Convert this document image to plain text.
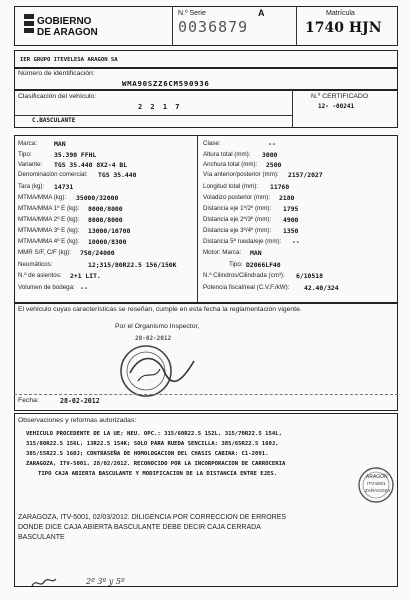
GOBIERNO
DE ARAGON
N.º Serie	A
0036879
Matrícula
1740 HJN
IER GRUPO ITEVELESA ARAGON SA
Número de identificación:
WMA90SZZ6CM590936
Clasificación del vehículo:
2 2 1 7
C.BASCULANTE
N.º CERTIFICADO
12- -00241
Marca:	MAN
Tipo:	35.390 FFHL
Variante: TGS 35.440 8X2-4 BL
Denominación comercial: TGS 35.440
Tara (kg): 14731
MTMA/MMA (kg): 35000/32000
MTMA/MMA 1º E (kg): 8000/8000
MTMA/MMA 2º E (kg): 8000/8000
MTMA/MMA 3º E (kg): 13000/10700
MTMA/MMA 4º E (kg): 10000/8300
MMR S/F, C/F (kg): 750/24000
Neumáticos:	12;315/80R22.5 156/150K
N.º de asientos: 2+1 LIT.
Volumen de bodega: --
Clase:	--
Altura total (mm): 3000
Anchura total (mm): 2500
Vía anterior/posterior (mm): 2157/2027
Longitud total (mm): 11760
Voladizo posterior (mm): 2180
Distancia eje 1º/2º (mm): 1795
Distancia eje 2º/3º (mm): 4900
Distancia eje 3º/4º (mm): 1350
Distancia 5ª rueda/eje (mm): --
Motor: Marca: MAN
Tipo: D2066LF40
N.º Cilindros/Cilindrada (cm³): 6/10518
Potencia fiscal/real (C.V.F./kW): 42.40/324
El vehículo cuyas características se reseñan, cumple en esta fecha la reglamentación vigente.
Por el Organismo Inspector,
28-02-2012
Fecha:	28-02-2012
Observaciones y reformas autorizadas:
VEHICULO PROCEDENTE DE LA UE; NEU. OPC.: 315/60R22.5 152L, 315/70R22.5 154L,
315/80R22.5 156L, 13R22.5 154K; SOLO PARA RUEDA SENCILLA: 385/65R22.5 160J,
385/55R22.5 160J; CONTRASEÑA DE HOMOLOGACION DEL CHASIS CABINA: C1-2091.
ZARAGOZA, ITV-5001, 28/02/2012. RECONOCIDO POR LA INCORPORACION DE CARROCERIA
TIPO CAJA ABIERTA BASCULANTE Y MODIFICACION DE LA DISTANCIA ENTRE EJES.	ARAGON
ITV-5001
ZARAGOZA
ZARAGOZA, ITV-5001, 02/03/2012. DILIGENCIA POR CORRECCION DE ERRORES
DONDE DICE CAJA ABIERTA BASCULANTE DEBE DECIR CAJA CERRADA
BASCULANTE
2º 3º y 5º
